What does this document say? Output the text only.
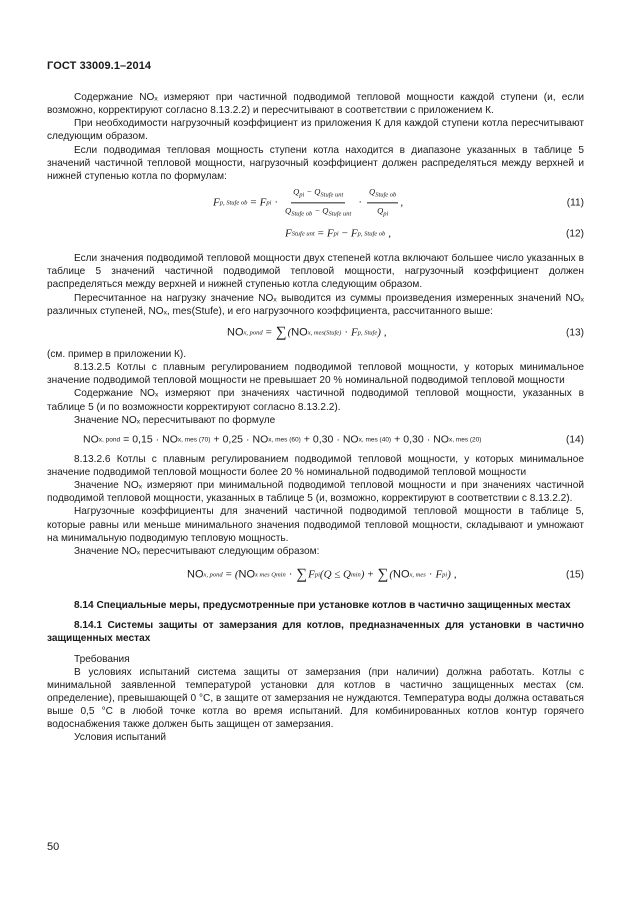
ГОСТ 33009.1–2014

Содержание NOₓ измеряют при частичной подводимой тепловой мощности каждой ступени (и, если возможно, корректируют согласно 8.13.2.2) и пересчитывают в соответствии с приложением К.

При необходимости нагрузочный коэффициент из приложения К для каждой ступени котла пересчитывают следующим образом.

Если подводимая тепловая мощность ступени котла находится в диапазоне указанных в таблице 5 значений частичной тепловой мощности, нагрузочный коэффициент должен распределяться между верхней и нижней ступенью котла по формулам:

F p, Stufe ob = F pi · $\frac{Q_{pi} - Q_{Stufe unt}}{Q_{Stufe ob} - Q_{Stufe unt}} \cdot \frac{Q_{Stufe ob}}{Q_{pi}}$ ,	(11)
F Stufe unt = F pi − F p, Stufe ob ,	(12)

Если значения подводимой тепловой мощности двух степеней котла включают большее число указанных в таблице 5 значений частичной подводимой тепловой мощности, нагрузочный коэффициент должен распределяться между верхней и нижней ступенью котла следующим образом.

Пересчитанное на нагрузку значение NOₓ выводится из суммы произведения измеренных значений NOₓ различных ступеней, NOₓ, mes(Stufe), и его нагрузочного коэффициента, рассчитанного выше:

NO x, pond = ∑ ( NO x, mes(Stufe) · F p, Stufe ) ,	(13)

(см. пример в приложении К).

8.13.2.5 Котлы с плавным регулированием подводимой тепловой мощности, у которых минимальное значение подводимой тепловой мощности не превышает 20 % номинальной подводимой тепловой мощности

Содержание NOₓ измеряют при значениях частичной подводимой тепловой мощности, указанных в таблице 5 (и по возможности корректируют согласно 8.13.2.2).

Значение NOₓ пересчитывают по формуле

NO x, pond = 0,15 · NO x, mes (70) + 0,25 · NO x, mes (60) + 0,30 · NO x, mes (40) + 0,30 · NO x, mes (20)	(14)

8.13.2.6 Котлы с плавным регулированием подводимой тепловой мощности, у которых минимальное значение подводимой тепловой мощности более 20 % номинальной подводимой тепловой мощности

Значение NOₓ измеряют при минимальной подводимой тепловой мощности и при значениях частичной подводимой тепловой мощности, указанных в таблице 5 (и, возможно, корректируют в соответствии с 8.13.2.2).

Нагрузочные коэффициенты для значений частичной подводимой тепловой мощности в таблице 5, которые равны или меньше минимального значения подводимой тепловой мощности, складывают и умножают на минимальную подводимую тепловую мощность.

Значение NOₓ пересчитывают следующим образом:

NO x, pond = ( NO x mes Qmin · ∑ F pi (Q ≤ Q min ) + ∑ ( NO x, mes · F pi ) ,	(15)

8.14 Специальные меры, предусмотренные при установке котлов в частично защищенных местах

8.14.1 Системы защиты от замерзания для котлов, предназначенных для установки в частично защищенных местах

Требования

В условиях испытаний система защиты от замерзания (при наличии) должна работать. Котлы с минимальной заявленной температурой установки для котлов в частично защищенных местах (см. определение), превышающей 0 °С, в защите от замерзания не нуждаются. Температура воды должна оставаться выше 0,5 °С в любой точке котла во время испытаний. Для комбинированных котлов контур горячего водоснабжения также должен быть защищен от замерзания.

Условия испытаний

50
